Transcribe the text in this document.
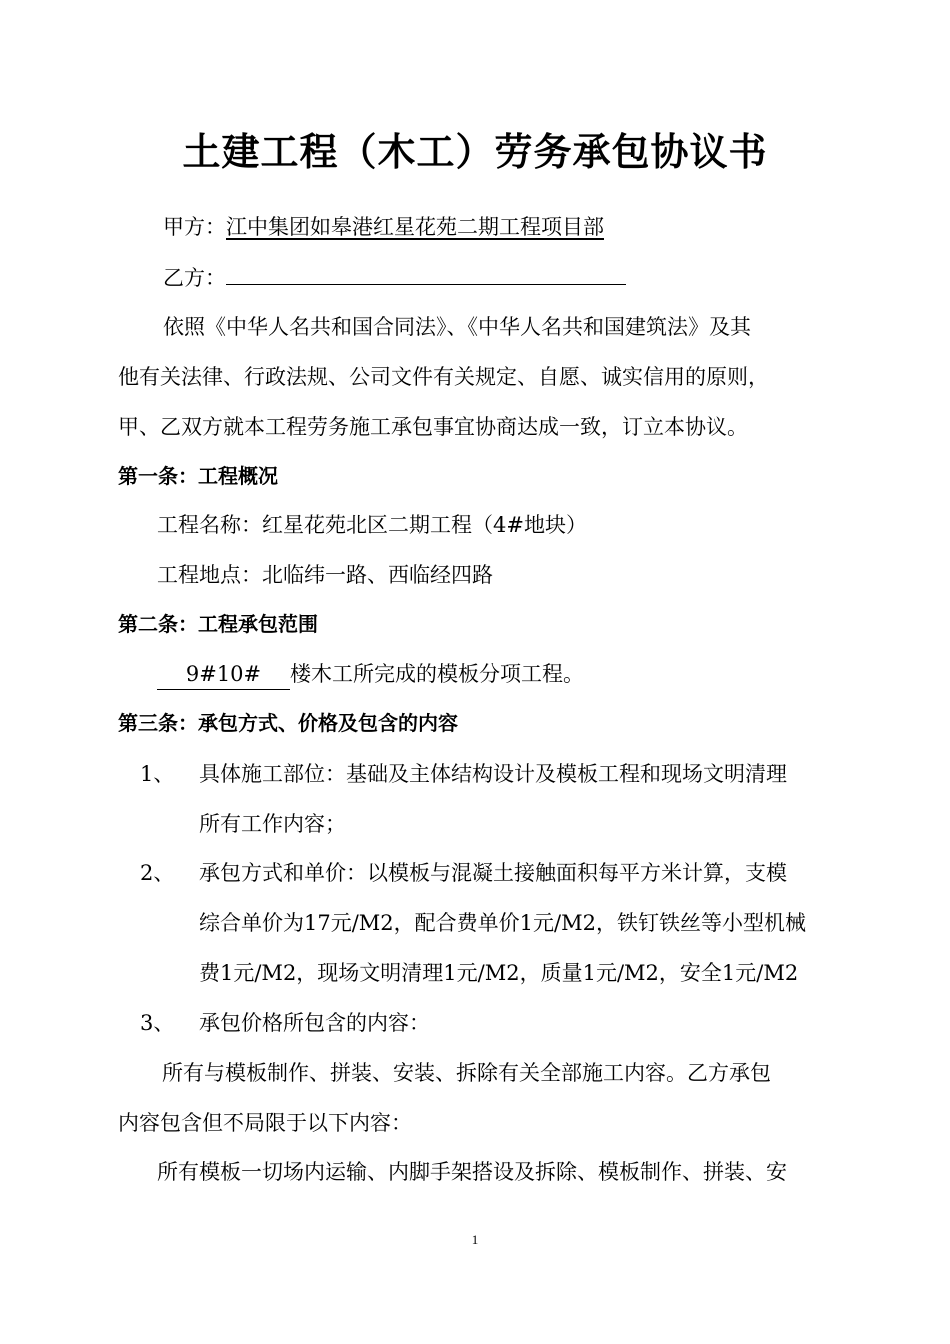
土建工程（木工）劳务承包协议书
甲方：江中集团如皋港红星花苑二期工程项目部
乙方：
依照《中华人名共和国合同法》、《中华人名共和国建筑法》及其
他有关法律、行政法规、公司文件有关规定、自愿、诚实信用的原则，
甲、乙双方就本工程劳务施工承包事宜协商达成一致，订立本协议。
第一条：工程概况
工程名称：红星花苑北区二期工程（4#地块）
工程地点：北临纬一路、西临经四路
第二条：工程承包范围
9#10# 楼木工所完成的模板分项工程。
第三条：承包方式、价格及包含的内容
1、 具体施工部位：基础及主体结构设计及模板工程和现场文明清理
所有工作内容；
2、 承包方式和单价：以模板与混凝土接触面积每平方米计算，支模
综合单价为17元/M2，配合费单价1元/M2，铁钉铁丝等小型机械
费1元/M2，现场文明清理1元/M2，质量1元/M2，安全1元/M2
3、 承包价格所包含的内容：
所有与模板制作、拼装、安装、拆除有关全部施工内容。乙方承包
内容包含但不局限于以下内容：
所有模板一切场内运输、内脚手架搭设及拆除、模板制作、拼装、安
1
